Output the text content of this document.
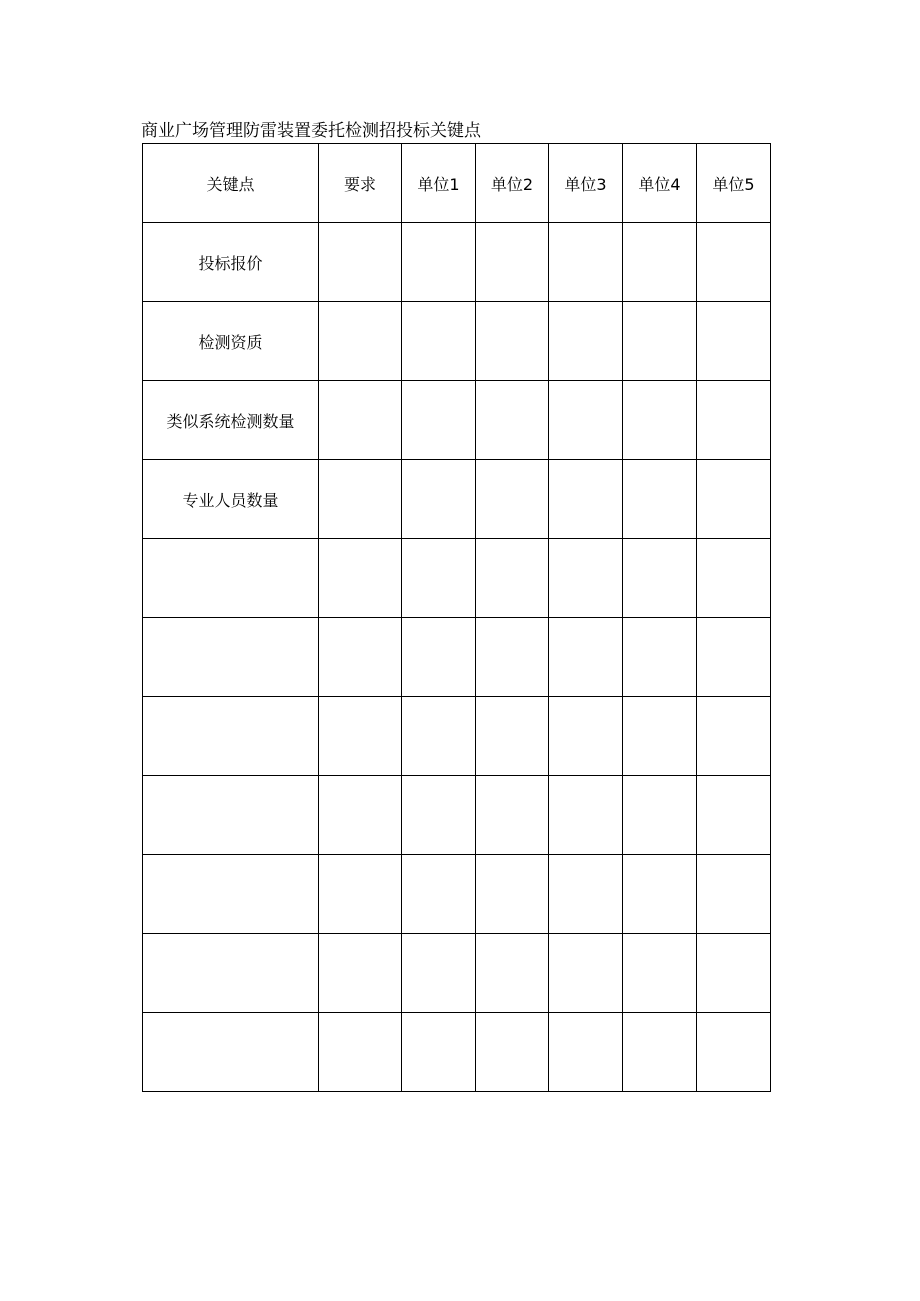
商业广场管理防雷装置委托检测招投标关键点
关键点	要求	单位1	单位2	单位3	单位4	单位5
投标报价						
检测资质						
类似系统检测数量						
专业人员数量						
